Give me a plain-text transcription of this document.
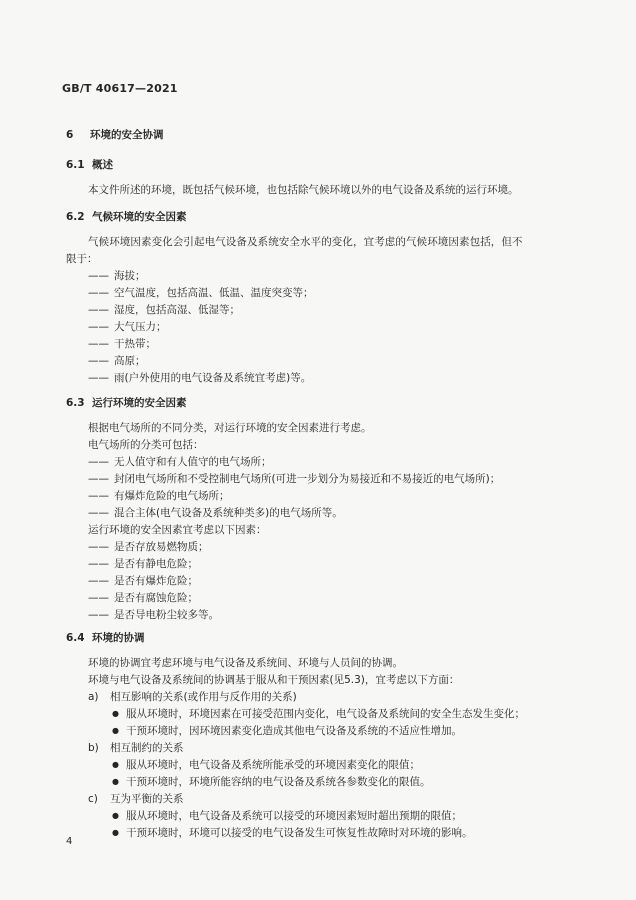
GB/T 40617—2021
6 环境的安全协调
6.1 概述
本文件所述的环境，既包括气候环境，也包括除气候环境以外的电气设备及系统的运行环境。
6.2 气候环境的安全因素
气候环境因素变化会引起电气设备及系统安全水平的变化，宜考虑的气候环境因素包括，但不
限于：
—— 海拔；
—— 空气温度，包括高温、低温、温度突变等；
—— 湿度，包括高湿、低湿等；
—— 大气压力；
—— 干热带；
—— 高原；
—— 雨(户外使用的电气设备及系统宜考虑)等。
6.3 运行环境的安全因素
根据电气场所的不同分类，对运行环境的安全因素进行考虑。
电气场所的分类可包括：
—— 无人值守和有人值守的电气场所；
—— 封闭电气场所和不受控制电气场所(可进一步划分为易接近和不易接近的电气场所)；
—— 有爆炸危险的电气场所；
—— 混合主体(电气设备及系统种类多)的电气场所等。
运行环境的安全因素宜考虑以下因素：
—— 是否存放易燃物质；
—— 是否有静电危险；
—— 是否有爆炸危险；
—— 是否有腐蚀危险；
—— 是否导电粉尘较多等。
6.4 环境的协调
环境的协调宜考虑环境与电气设备及系统间、环境与人员间的协调。
环境与电气设备及系统间的协调基于服从和干预因素(见5.3)，宜考虑以下方面：
a) 相互影响的关系(或作用与反作用的关系)
● 服从环境时，环境因素在可接受范围内变化，电气设备及系统间的安全生态发生变化；
● 干预环境时，因环境因素变化造成其他电气设备及系统的不适应性增加。
b) 相互制约的关系
● 服从环境时，电气设备及系统所能承受的环境因素变化的限值；
● 干预环境时，环境所能容纳的电气设备及系统各参数变化的限值。
c) 互为平衡的关系
● 服从环境时，电气设备及系统可以接受的环境因素短时超出预期的限值；
● 干预环境时，环境可以接受的电气设备发生可恢复性故障时对环境的影响。
4
